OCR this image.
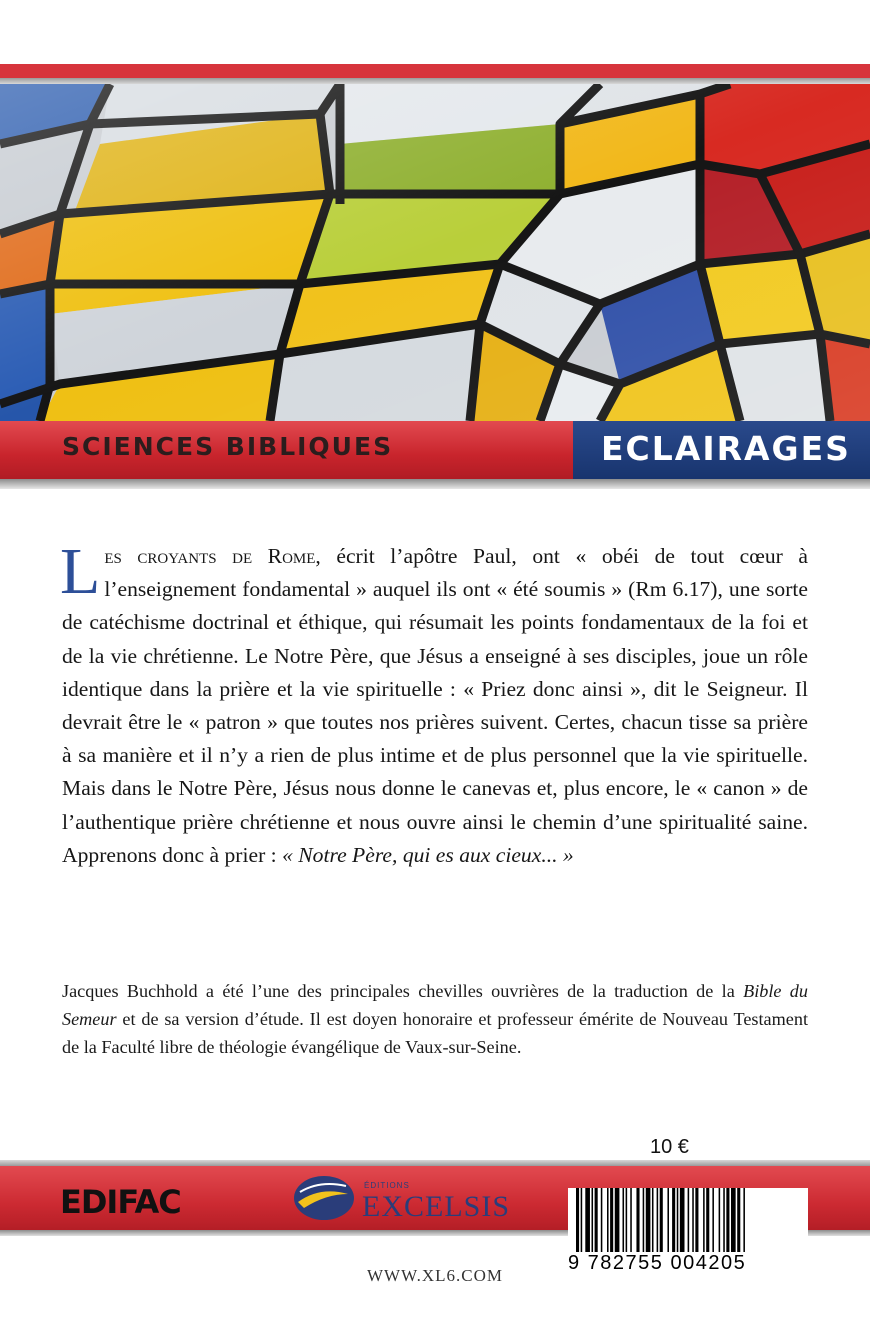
SCIENCES BIBLIQUES	ECLAIRAGES
Les croyants de Rome, écrit l’apôtre Paul, ont « obéi de tout cœur à l’enseignement fondamental » auquel ils ont « été soumis » (Rm 6.17), une sorte de catéchisme doctrinal et éthique, qui résumait les points fondamentaux de la foi et de la vie chrétienne. Le Notre Père, que Jésus a enseigné à ses disciples, joue un rôle identique dans la prière et la vie spirituelle : « Priez donc ainsi », dit le Seigneur. Il devrait être le « patron » que toutes nos prières suivent. Certes, chacun tisse sa prière à sa manière et il n’y a rien de plus intime et de plus personnel que la vie spirituelle. Mais dans le Notre Père, Jésus nous donne le canevas et, plus encore, le « canon » de l’authentique prière chrétienne et nous ouvre ainsi le chemin d’une spiritualité saine. Apprenons donc à prier : « Notre Père, qui es aux cieux... »
Jacques Buchhold a été l’une des principales chevilles ouvrières de la traduction de la Bible du Semeur et de sa version d’étude. Il est doyen honoraire et professeur émérite de Nouveau Testament de la Faculté libre de théologie évangélique de Vaux-sur-Seine.
10 €
EDIFAC	ÉDITIONS
EXCELSIS
9 782755 004205
WWW.XL6.COM
